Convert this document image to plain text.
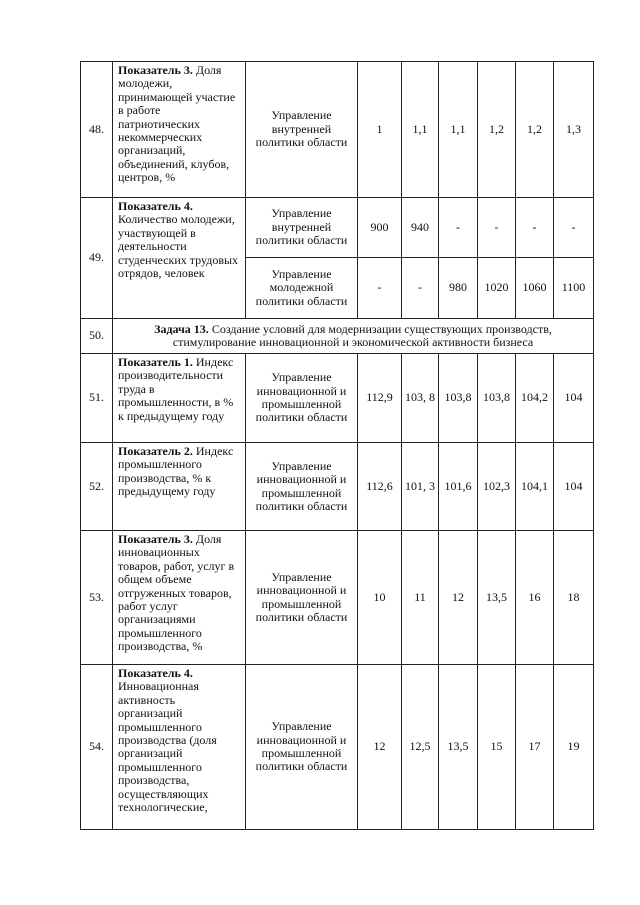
48.	Показатель 3. Доля молодежи, принимающей участие в работе патриотических некоммерческих организаций, объединений, клубов, центров, %	Управление внутренней политики области	1	1,1	1,1	1,2	1,2	1,3
49.	Показатель 4. Количество молодежи, участвующей в деятельности студенческих трудовых отрядов, человек	Управление внутренней политики области	900	940	-	-	-	-
		Управление молодежной политики области	-	-	980	1020	1060	1100
50.	Задача 13. Создание условий для модернизации существующих производств, стимулирование инновационной и экономической активности бизнеса							
51.	Показатель 1. Индекс производительности труда в промышленности, в % к предыдущему году	Управление инновационной и промышленной политики области	112,9	103, 8	103,8	103,8	104,2	104
52.	Показатель 2. Индекс промышленного производства, % к предыдущему году	Управление инновационной и промышленной политики области	112,6	101, 3	101,6	102,3	104,1	104
53.	Показатель 3. Доля инновационных товаров, работ, услуг в общем объеме отгруженных товаров, работ услуг организациями промышленного производства, %	Управление инновационной и промышленной политики области	10	11	12	13,5	16	18
54.	Показатель 4. Инновационная активность организаций промышленного производства (доля организаций промышленного производства, осуществляющих технологические,	Управление инновационной и промышленной политики области	12	12,5	13,5	15	17	19
